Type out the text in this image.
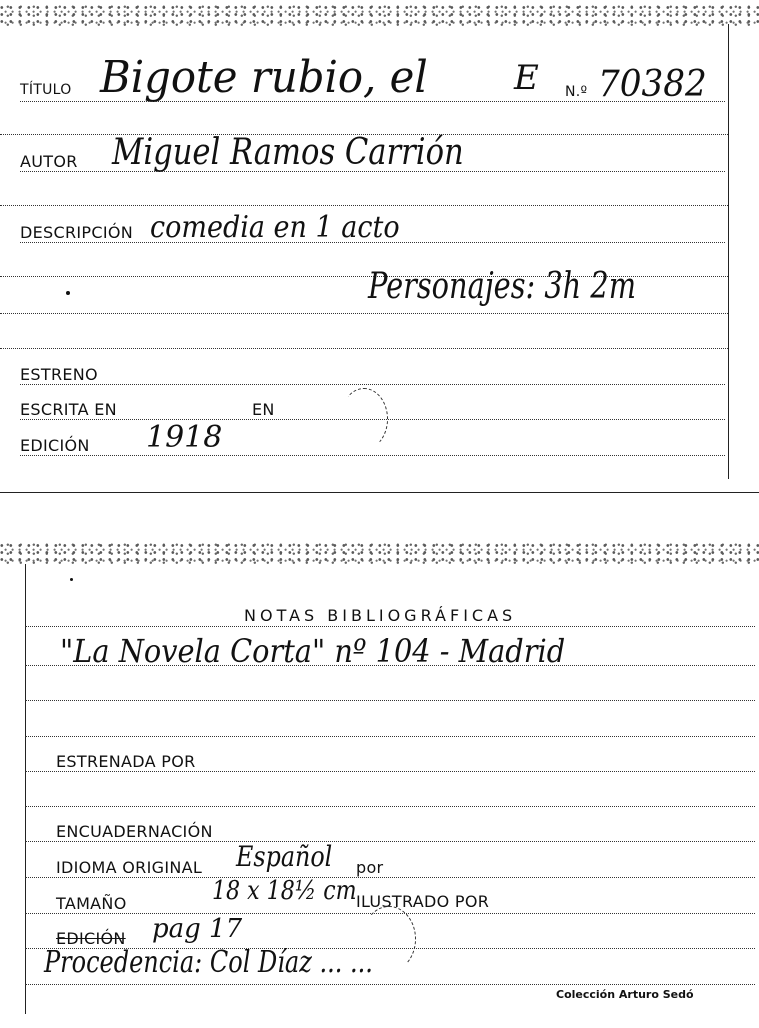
TÍTULO Bigote rubio, el	E N.º 70382
AUTOR Miguel Ramos Carrión
DESCRIPCIÓN comedia en 1 acto
Personajes: 3h 2m
ESTRENO
ESCRITA EN	EN
EDICIÓN 1918
NOTAS BIBLIOGRÁFICAS
"La Novela Corta" nº 104 - Madrid
ESTRENADA POR
ENCUADERNACIÓN
IDIOMA ORIGINAL Español por
TAMAÑO	18 x 18½ cm ILUSTRADO POR
EDICIÓN pag 17
Procedencia: Col Díaz ... ...
Colección Arturo Sedó
